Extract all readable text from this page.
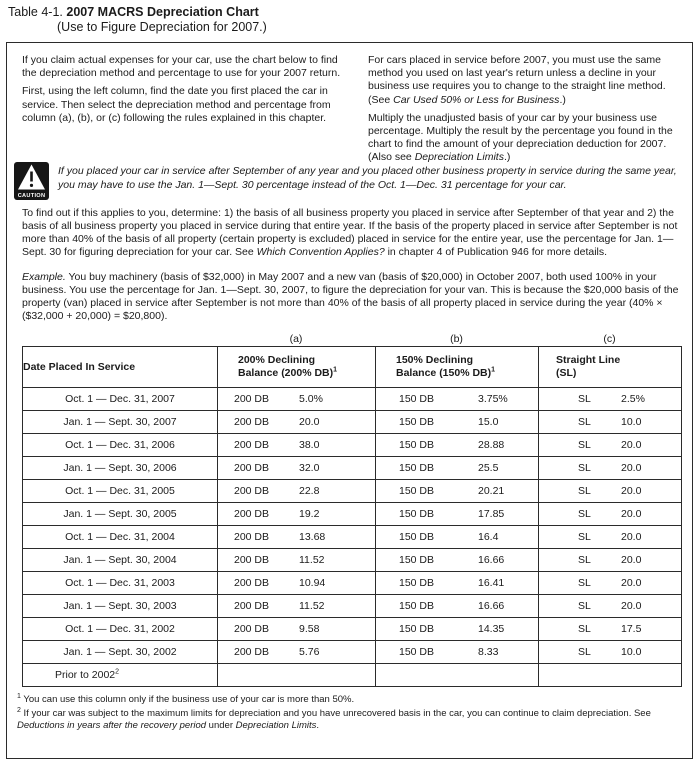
Table 4-1. 2007 MACRS Depreciation Chart
(Use to Figure Depreciation for 2007.)

If you claim actual expenses for your car, use the chart below to find the depreciation method and percentage to use for your 2007 return.

First, using the left column, find the date you first placed the car in service. Then select the depreciation method and percentage from column (a), (b), or (c) following the rules explained in this chapter.

For cars placed in service before 2007, you must use the same method you used on last year's return unless a decline in your business use requires you to change to the straight line method. (See Car Used 50% or Less for Business.)

Multiply the unadjusted basis of your car by your business use percentage. Multiply the result by the percentage you found in the chart to find the amount of your depreciation deduction for 2007. (Also see Depreciation Limits.)

CAUTION
If you placed your car in service after September of any year and you placed other business property in service during the same year, you may have to use the Jan. 1—Sept. 30 percentage instead of the Oct. 1—Dec. 31 percentage for your car.
To find out if this applies to you, determine: 1) the basis of all business property you placed in service after September of that year and 2) the basis of all business property you placed in service during that entire year. If the basis of the property placed in service after September is not more than 40% of the basis of all property (certain property is excluded) placed in service for the entire year, use the percentage for Jan. 1—Sept. 30 for figuring depreciation for your car. See Which Convention Applies? in chapter 4 of Publication 946 for more details.
Example. You buy machinery (basis of $32,000) in May 2007 and a new van (basis of $20,000) in October 2007, both used 100% in your business. You use the percentage for Jan. 1—Sept. 30, 2007, to figure the depreciation for your van. This is because the $20,000 basis of the property (van) placed in service after September is not more than 40% of the basis of all property placed in service during the year (40% × ($32,000 + 20,000) = $20,800).
(a)	(b)	(c)
Date Placed In Service	200% Declining Balance (200% DB)$^1$	150% Declining Balance (150% DB)$^1$	Straight Line (SL)

Oct. 1 — Dec. 31, 2007	200 DB 5.0%	150 DB 3.75%	SL 2.5%
Jan. 1 — Sept. 30, 2007	200 DB 20.0	150 DB 15.0	SL 10.0
Oct. 1 — Dec. 31, 2006	200 DB 38.0	150 DB 28.88	SL 20.0
Jan. 1 — Sept. 30, 2006	200 DB 32.0	150 DB 25.5	SL 20.0
Oct. 1 — Dec. 31, 2005	200 DB 22.8	150 DB 20.21	SL 20.0
Jan. 1 — Sept. 30, 2005	200 DB 19.2	150 DB 17.85	SL 20.0
Oct. 1 — Dec. 31, 2004	200 DB 13.68	150 DB 16.4	SL 20.0
Jan. 1 — Sept. 30, 2004	200 DB 11.52	150 DB 16.66	SL 20.0
Oct. 1 — Dec. 31, 2003	200 DB 10.94	150 DB 16.41	SL 20.0
Jan. 1 — Sept. 30, 2003	200 DB 11.52	150 DB 16.66	SL 20.0
Oct. 1 — Dec. 31, 2002	200 DB 9.58	150 DB 14.35	SL 17.5
Jan. 1 — Sept. 30, 2002	200 DB 5.76	150 DB 8.33	SL 10.0
Prior to 2002$^2$			

$^1$ You can use this column only if the business use of your car is more than 50%.

$^2$ If your car was subject to the maximum limits for depreciation and you have unrecovered basis in the car, you can continue to claim depreciation. See Deductions in years after the recovery period under Depreciation Limits.
